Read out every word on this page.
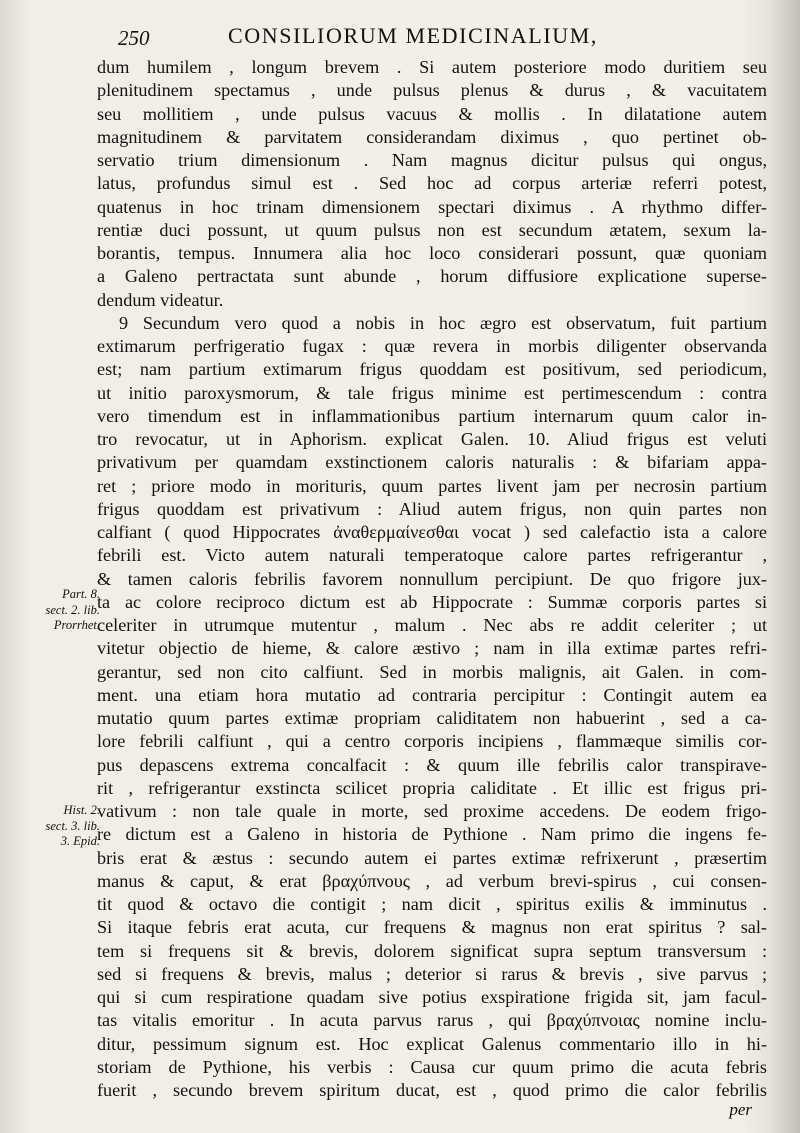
250	CONSILIORUM MEDICINALIUM,
dum humilem , longum brevem . Si autem posteriore modo duritiem seu
plenitudinem spectamus , unde pulsus plenus & durus , & vacuitatem
seu mollitiem , unde pulsus vacuus & mollis . In dilatatione autem
magnitudinem & parvitatem considerandam diximus , quo pertinet ob-
servatio trium dimensionum . Nam magnus dicitur pulsus qui ongus,
latus, profundus simul est . Sed hoc ad corpus arteriæ referri potest,
quatenus in hoc trinam dimensionem spectari diximus . A rhythmo differ-
rentiæ duci possunt, ut quum pulsus non est secundum ætatem, sexum la-
borantis, tempus. Innumera alia hoc loco considerari possunt, quæ quoniam
a Galeno pertractata sunt abunde , horum diffusiore explicatione superse-
dendum videatur.
9 Secundum vero quod a nobis in hoc ægro est observatum, fuit partium
extimarum perfrigeratio fugax : quæ revera in morbis diligenter observanda
est; nam partium extimarum frigus quoddam est positivum, sed periodicum,
ut initio paroxysmorum, & tale frigus minime est pertimescendum : contra
vero timendum est in inflammationibus partium internarum quum calor in-
tro revocatur, ut in Aphorism. explicat Galen. 10. Aliud frigus est veluti
privativum per quamdam exstinctionem caloris naturalis : & bifariam appa-
ret ; priore modo in morituris, quum partes livent jam per necrosin partium
frigus quoddam est privativum : Aliud autem frigus, non quin partes non
calfiant ( quod Hippocrates ἀναθερμαίνεσθαι vocat ) sed calefactio ista a calore
febrili est. Victo autem naturali temperatoque calore partes refrigerantur ,
& tamen caloris febrilis favorem nonnullum percipiunt. De quo frigore jux-
ta ac colore reciproco dictum est ab Hippocrate : Summæ corporis partes si
celeriter in utrumque mutentur , malum . Nec abs re addit celeriter ; ut
vitetur objectio de hieme, & calore æstivo ; nam in illa extimæ partes refri-
gerantur, sed non cito calfiunt. Sed in morbis malignis, ait Galen. in com-
ment. una etiam hora mutatio ad contraria percipitur : Contingit autem ea
mutatio quum partes extimæ propriam caliditatem non habuerint , sed a ca-
lore febrili calfiunt , qui a centro corporis incipiens , flammæque similis cor-
pus depascens extrema concalfacit : & quum ille febrilis calor transpirave-
rit , refrigerantur exstincta scilicet propria caliditate . Et illic est frigus pri-
vativum : non tale quale in morte, sed proxime accedens. De eodem frigo-
re dictum est a Galeno in historia de Pythione . Nam primo die ingens fe-
bris erat & æstus : secundo autem ei partes extimæ refrixerunt , præsertim
manus & caput, & erat βραχύπνους , ad verbum brevi-spirus , cui consen-
tit quod & octavo die contigit ; nam dicit , spiritus exilis & imminutus .
Si itaque febris erat acuta, cur frequens & magnus non erat spiritus ? sal-
tem si frequens sit & brevis, dolorem significat supra septum transversum :
sed si frequens & brevis, malus ; deterior si rarus & brevis , sive parvus ;
qui si cum respiratione quadam sive potius exspiratione frigida sit, jam facul-
tas vitalis emoritur . In acuta parvus rarus , qui βραχύπνοιας nomine inclu-
ditur, pessimum signum est. Hoc explicat Galenus commentario illo in hi-
storiam de Pythione, his verbis : Causa cur quum primo die acuta febris
fuerit , secundo brevem spiritum ducat, est , quod primo die calor febrilis
Part. 8.
sect. 2. lib.
Prorrhet.
Hist. 2.
sect. 3. lib.
3. Epid.
per
